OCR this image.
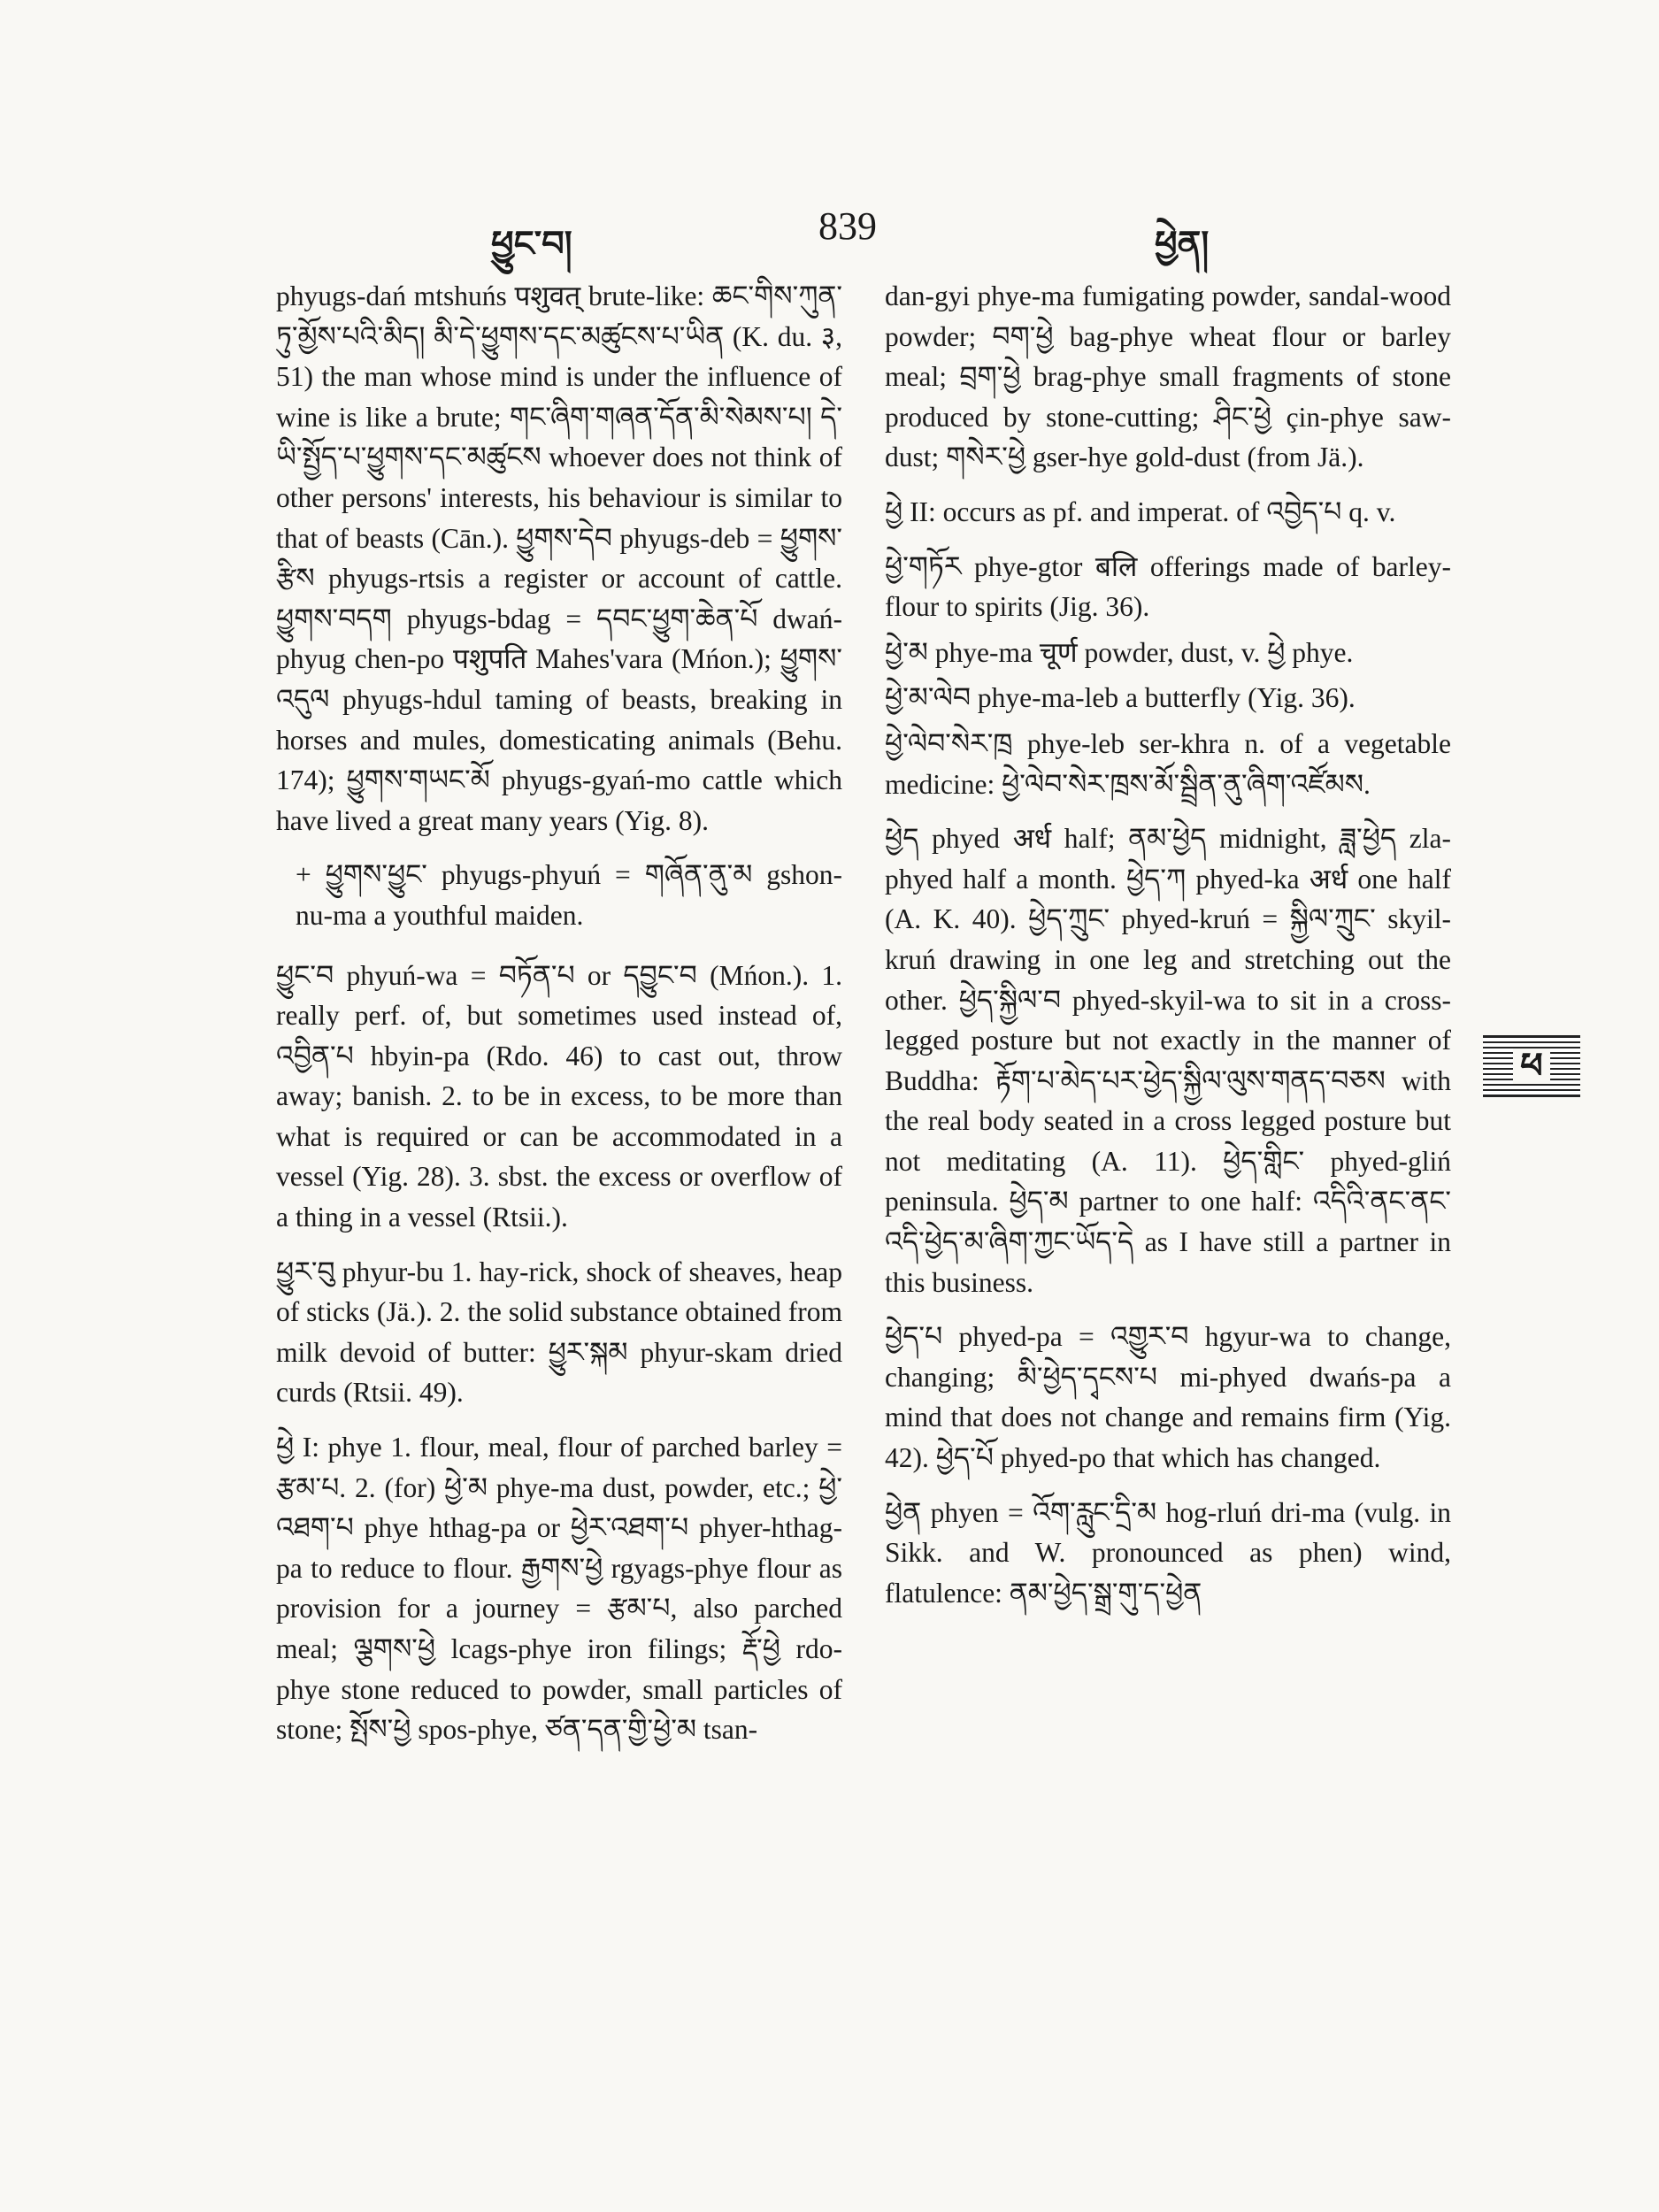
ཕྱུང་བ།	839	ཕྱེན།

phyugs-dań mtshuńs पशुवत् brute-like: ཆང་གིས་ཀུན་ཏུ་མྱོས་པའི་མིད། མི་དེ་ཕྱུགས་དང་མཚུངས་པ་ཡིན (K. du. ३, 51) the man whose mind is under the influence of wine is like a brute; གང་ཞིག་གཞན་དོན་མི་སེམས་པ། དེ་ཡི་སྤྱོད་པ་ཕྱུགས་དང་མཚུངས whoever does not think of other persons' interests, his behaviour is similar to that of beasts (Cān.). ཕྱུགས་དེབ phyugs-deb = ཕྱུགས་རྩིས phyugs-rtsis a register or account of cattle. ཕྱུགས་བདག phyugs-bdag = དབང་ཕྱུག་ཆེན་པོ dwań-phyug chen-po पशुपति Mahes'vara (Mńon.); ཕྱུགས་འདུལ phyugs-hdul taming of beasts, breaking in horses and mules, domesticating animals (Behu. 174); ཕྱུགས་གཡང་མོ phyugs-gyań-mo cattle which have lived a great many years (Yig. 8).

+ ཕྱུགས་ཕྱུང་ phyugs-phyuń = གཞོན་ནུ་མ gshon-nu-ma a youthful maiden.

ཕྱུང་བ phyuń-wa = བཏོན་པ or དབྱུང་བ (Mńon.). 1. really perf. of, but sometimes used instead of, འབྱིན་པ hbyin-pa (Rdo. 46) to cast out, throw away; banish. 2. to be in excess, to be more than what is required or can be accommodated in a vessel (Yig. 28). 3. sbst. the excess or overflow of a thing in a vessel (Rtsii.).

ཕྱུར་བུ phyur-bu 1. hay-rick, shock of sheaves, heap of sticks (Jä.). 2. the solid substance obtained from milk devoid of butter: ཕྱུར་སྐམ phyur-skam dried curds (Rtsii. 49).

ཕྱེ I: phye 1. flour, meal, flour of parched barley = རྩམ་པ. 2. (for) ཕྱེ་མ phye-ma dust, powder, etc.; ཕྱེ་འཐག་པ phye hthag-pa or ཕྱེར་འཐག་པ phyer-hthag-pa to reduce to flour. རྒྱགས་ཕྱེ rgyags-phye flour as provision for a journey = རྩམ་པ, also parched meal; ལྕགས་ཕྱེ lcags-phye iron filings; རྡོ་ཕྱེ rdo-phye stone reduced to powder, small particles of stone; སྤོས་ཕྱེ spos-phye, ཙན་དན་གྱི་ཕྱེ་མ tsan-

dan-gyi phye-ma fumigating powder, sandal-wood powder; བག་ཕྱེ bag-phye wheat flour or barley meal; བྲག་ཕྱེ brag-phye small fragments of stone produced by stone-cutting; ཤིང་ཕྱེ çin-phye saw-dust; གསེར་ཕྱེ gser-hye gold-dust (from Jä.).

ཕྱེ II: occurs as pf. and imperat. of འབྱེད་པ q. v.

ཕྱེ་གཏོར phye-gtor बलि offerings made of barley-flour to spirits (Jig. 36).

ཕྱེ་མ phye-ma चूर्ण powder, dust, v. ཕྱེ phye.

ཕྱེ་མ་ལེབ phye-ma-leb a butterfly (Yig. 36).

ཕྱེ་ལེབ་སེར་ཁྲ phye-leb ser-khra n. of a vegetable medicine: ཕྱེ་ལེབ་སེར་ཁྲས་མོ་སྦྲིན་ནུ་ཞིག་འཛོམས.

ཕྱེད phyed अर्ध half; ནམ་ཕྱེད midnight, ཟླ་ཕྱེད zla-phyed half a month. ཕྱེད་ཀ phyed-ka अर्ध one half (A. K. 40). ཕྱེད་ཀྲུང་ phyed-kruń = སྐྱིལ་ཀྲུང་ skyil-kruń drawing in one leg and stretching out the other. ཕྱེད་སྐྱིལ་བ phyed-skyil-wa to sit in a cross-legged posture but not exactly in the manner of Buddha: རྟོག་པ་མེད་པར་ཕྱེད་སྐྱིལ་ལུས་གནད་བཅས with the real body seated in a cross legged posture but not meditating (A. 11). ཕྱེད་གླིང་ phyed-gliń peninsula. ཕྱེད་མ partner to one half: འདིའི་ནང་ནང་འདི་ཕྱེད་མ་ཞིག་ཀྱང་ཡོད་དེ as I have still a partner in this business.

ཕྱེད་པ phyed-pa = འགྱུར་བ hgyur-wa to change, changing; མི་ཕྱེད་དྭངས་པ mi-phyed dwańs-pa a mind that does not change and remains firm (Yig. 42). ཕྱེད་པོ phyed-po that which has changed.

ཕྱེན phyen = འོག་རླུང་དྲི་མ hog-rluń dri-ma (vulg. in Sikk. and W. pronounced as phen) wind, flatulence: ནམ་ཕྱེད་སྒྲ་གུ་ད་ཕྱེན

ཕ
